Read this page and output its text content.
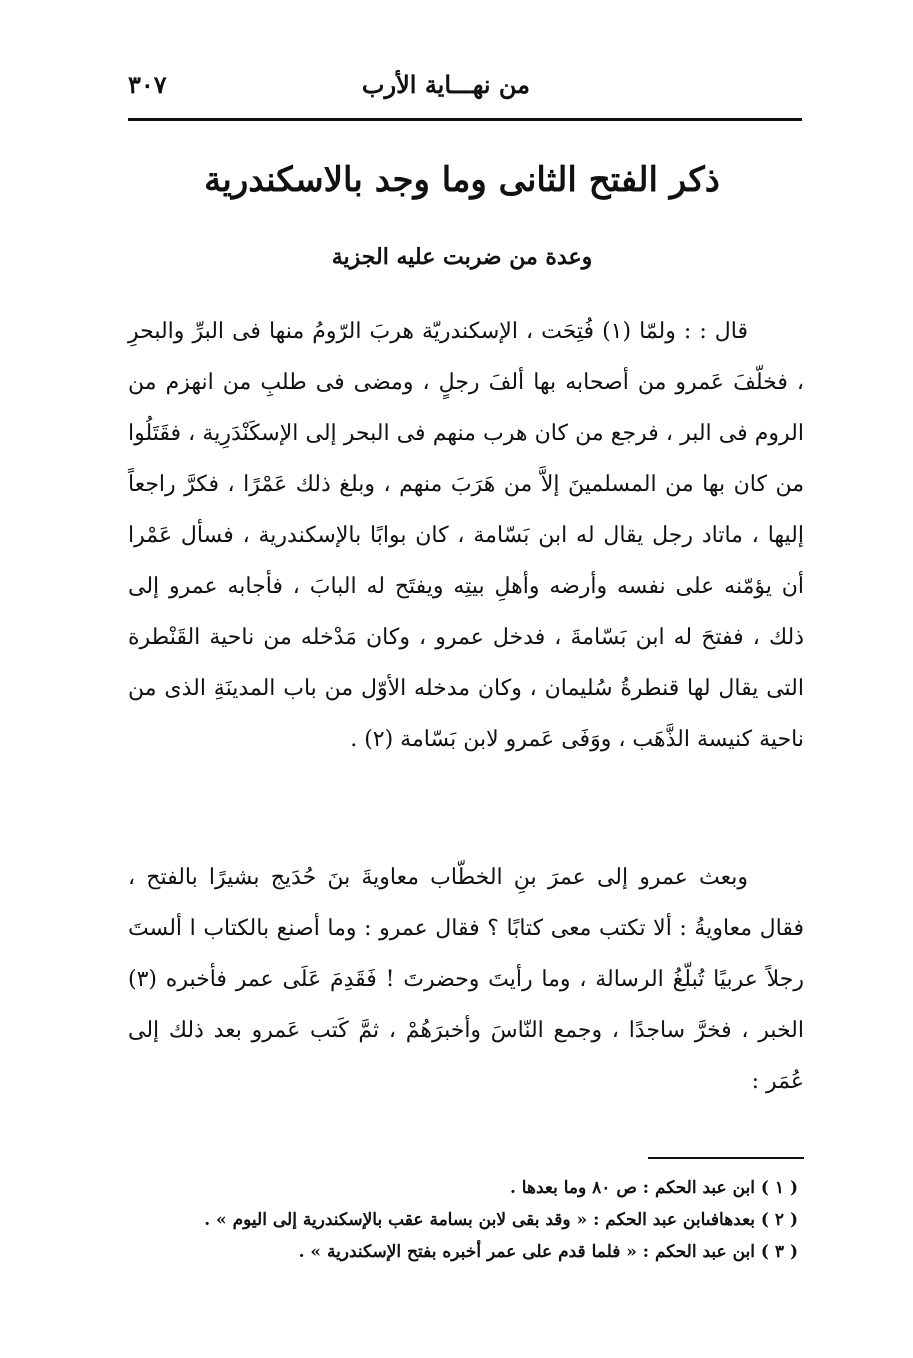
من نهـــاية الأرب
٣٠٧
ذكر الفتح الثانى وما وجد بالاسكندرية
وعدة من ضربت عليه الجزية

قال : : ولمّا (١) فُتِحَت ، الإسكندريّة هربَ الرّومُ منها فى البرِّ والبحرِ ، فخلّفَ عَمرو من أصحابه بها ألفَ رجلٍ ، ومضى فى طلبِ من انهزم من الروم فى البر ، فرجع من كان هرب منهم فى البحر إلى الإسكَنْدَرِية ، فقَتَلُوا من كان بها من المسلمينَ إلاَّ من هَرَبَ منهم ، وبلغ ذلك عَمْرًا ، فكرَّ راجعاً إليها ، ماتاد رجل يقال له ابن بَسّامة ، كان بوابًا بالإسكندرية ، فسأل عَمْرا أن يؤمّنه على نفسه وأرضه وأهلِ بيتِه ويفتَح له البابَ ، فأجابه عمرو إلى ذلك ، ففتحَ له ابن بَسّامةَ ، فدخل عمرو ، وكان مَدْخله من ناحية القَنْطرة التى يقال لها قنطرةُ سُليمان ، وكان مدخله الأوّل من باب المدينَةِ الذى من ناحية كنيسة الذَّهَب ، ووَفَى عَمرو لابن بَسّامة (٢) .

وبعث عمرو إلى عمرَ بنِ الخطّاب معاويةَ بنَ حُدَيج بشيرًا بالفتح ، فقال معاويةُ : ألا تكتب معى كتابًا ؟ فقال عمرو : وما أصنع بالكتاب ا ألستَ رجلاً عربيًا تُبلّغُ الرسالة ، وما رأيتَ وحضرتَ ! فَقَدِمَ عَلَى عمر فأخبره (٣) الخبر ، فخرَّ ساجدًا ، وجمع النّاسَ وأخبرَهُمْ ، ثمَّ كَتب عَمرو بعد ذلك إلى عُمَر :

( ١ ) ابن عبد الحكم : ص ٨٠ وما بعدها .
( ٢ ) بعدهافىابن عبد الحكم : « وقد بقى لابن بسامة عقب بالإسكندرية إلى اليوم » .
( ٣ ) ابن عبد الحكم : « فلما قدم على عمر أخبره بفتح الإسكندرية » .
